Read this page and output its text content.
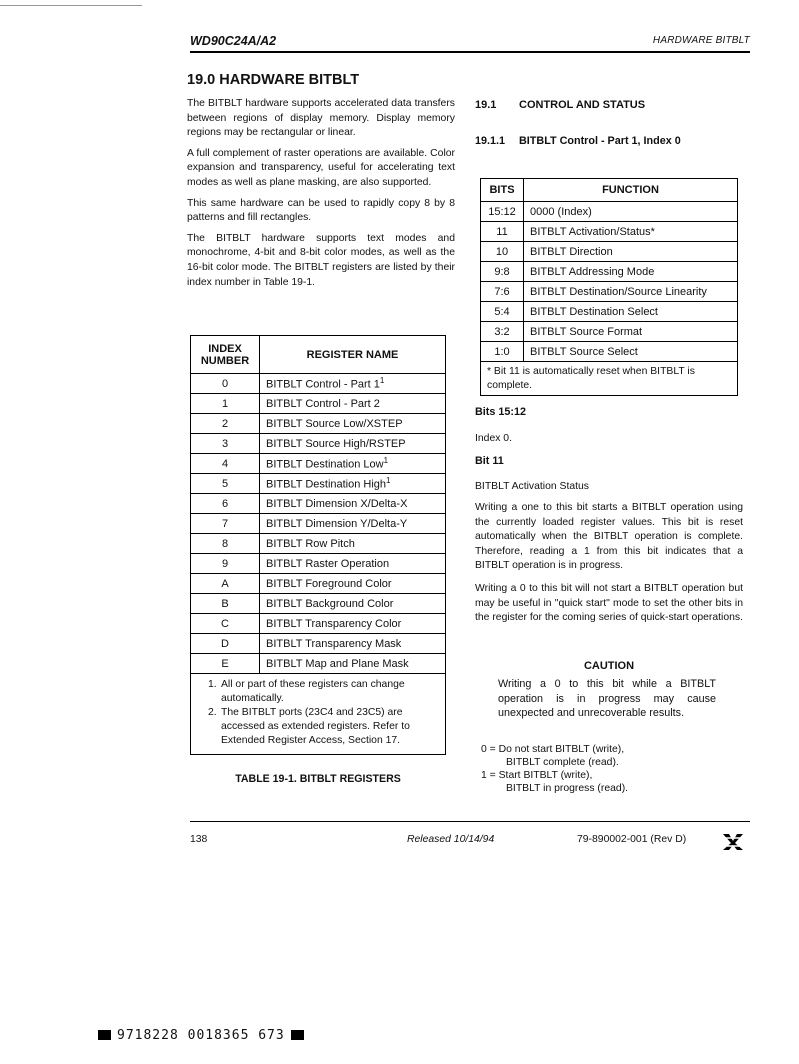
WD90C24A/A2	HARDWARE BITBLT
19.0 HARDWARE BITBLT

The BITBLT hardware supports accelerated data transfers between regions of display memory. Display memory regions may be rectangular or linear.

A full complement of raster operations are available. Color expansion and transparency, useful for accelerating text modes as well as plane masking, are also supported.

This same hardware can be used to rapidly copy 8 by 8 patterns and fill rectangles.

The BITBLT hardware supports text modes and monochrome, 4-bit and 8-bit color modes, as well as the 16-bit color mode. The BITBLT registers are listed by their index number in Table 19-1.

INDEX NUMBER	REGISTER NAME
0	BITBLT Control - Part $1^1$
1	BITBLT Control - Part 2
2	BITBLT Source Low/XSTEP
3	BITBLT Source High/RSTEP
4	BITBLT Destination Low$^1$
5	BITBLT Destination High$^1$
6	BITBLT Dimension X/Delta-X
7	BITBLT Dimension Y/Delta-Y
8	BITBLT Row Pitch
9	BITBLT Raster Operation
A	BITBLT Foreground Color
B	BITBLT Background Color
C	BITBLT Transparency Color
D	BITBLT Transparency Mask
E	BITBLT Map and Plane Mask

1. All or part of these registers can change automatically.
2. The BITBLT ports (23C4 and 23C5) are accessed as extended registers. Refer to Extended Register Access, Section 17.	
TABLE 19-1. BITBLT REGISTERS
19.1 CONTROL AND STATUS
19.1.1 BITBLT Control - Part 1, Index 0
BITS	FUNCTION
15:12	0000 (Index)
11	BITBLT Activation/Status*
10	BITBLT Direction
9:8	BITBLT Addressing Mode
7:6	BITBLT Destination/Source Linearity
5:4	BITBLT Destination Select
3:2	BITBLT Source Format
1:0	BITBLT Source Select
* Bit 11 is automatically reset when BITBLT is complete.	
Bits 15:12
Index 0.
Bit 11
BITBLT Activation Status
Writing a one to this bit starts a BITBLT operation using the currently loaded register values. This bit is reset automatically when the BITBLT operation is complete. Therefore, reading a 1 from this bit indicates that a BITBLT operation is in progress.
Writing a 0 to this bit will not start a BITBLT operation but may be useful in "quick start" mode to set the other bits in the register for the coming series of quick-start operations.
CAUTION
Writing a 0 to this bit while a BITBLT operation is in progress may cause unexpected and unrecoverable results.
0 = Do not start BITBLT (write),
BITBLT complete (read).
1 = Start BITBLT (write),
BITBLT in progress (read).
138	Released 10/14/94	79-890002-001 (Rev D)
9718228 0018365 673
